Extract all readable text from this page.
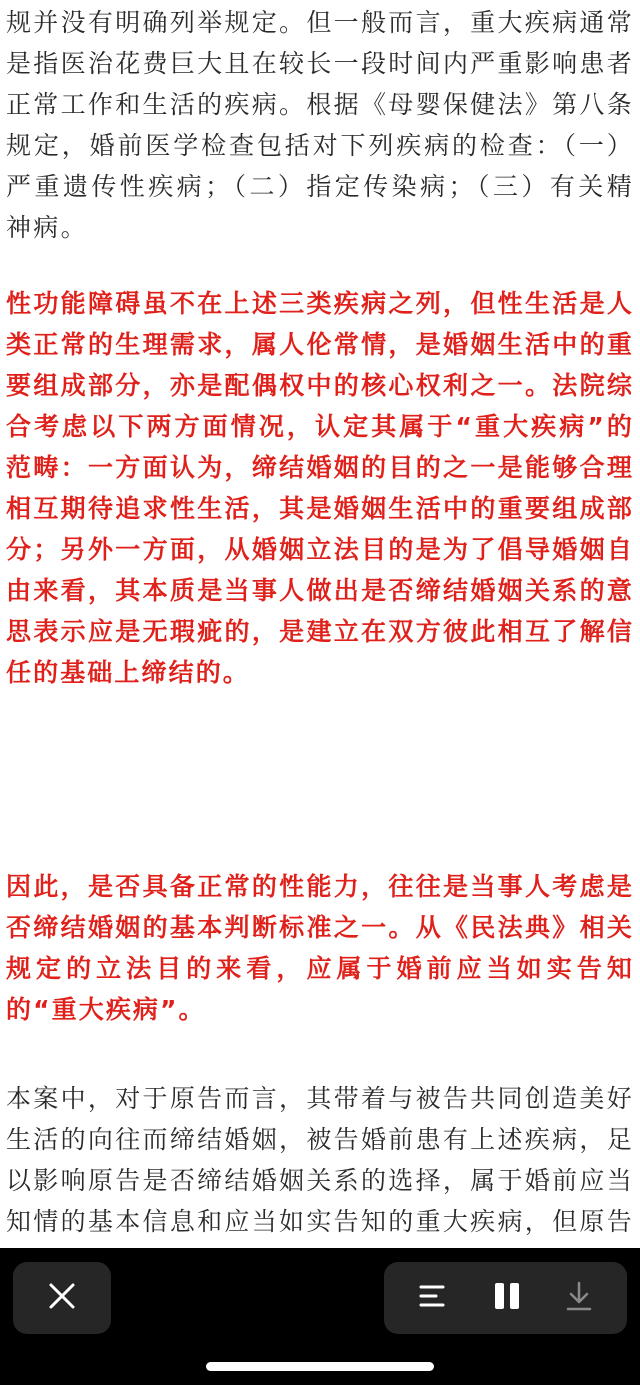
规并没有明确列举规定。但一般而言，重大疾病通常是指医治花费巨大且在较长一段时间内严重影响患者正常工作和生活的疾病。根据《母婴保健法》第八条规定，婚前医学检查包括对下列疾病的检查：（一）严重遗传性疾病；（二）指定传染病；（三）有关精神病。

性功能障碍虽不在上述三类疾病之列，但性生活是人类正常的生理需求，属人伦常情，是婚姻生活中的重要组成部分，亦是配偶权中的核心权利之一。法院综合考虑以下两方面情况，认定其属于“重大疾病”的范畴：一方面认为，缔结婚姻的目的之一是能够合理相互期待追求性生活，其是婚姻生活中的重要组成部分；另外一方面，从婚姻立法目的是为了倡导婚姻自由来看，其本质是当事人做出是否缔结婚姻关系的意思表示应是无瑕疵的，是建立在双方彼此相互了解信任的基础上缔结的。

因此，是否具备正常的性能力，往往是当事人考虑是否缔结婚姻的基本判断标准之一。从《民法典》相关规定的立法目的来看，应属于婚前应当如实告知的“重大疾病”。

本案中，对于原告而言，其带着与被告共同创造美好生活的向往而缔结婚姻，被告婚前患有上述疾病，足以影响原告是否缔结婚姻关系的选择，属于婚前应当知情的基本信息和应当如实告知的重大疾病，但原告
